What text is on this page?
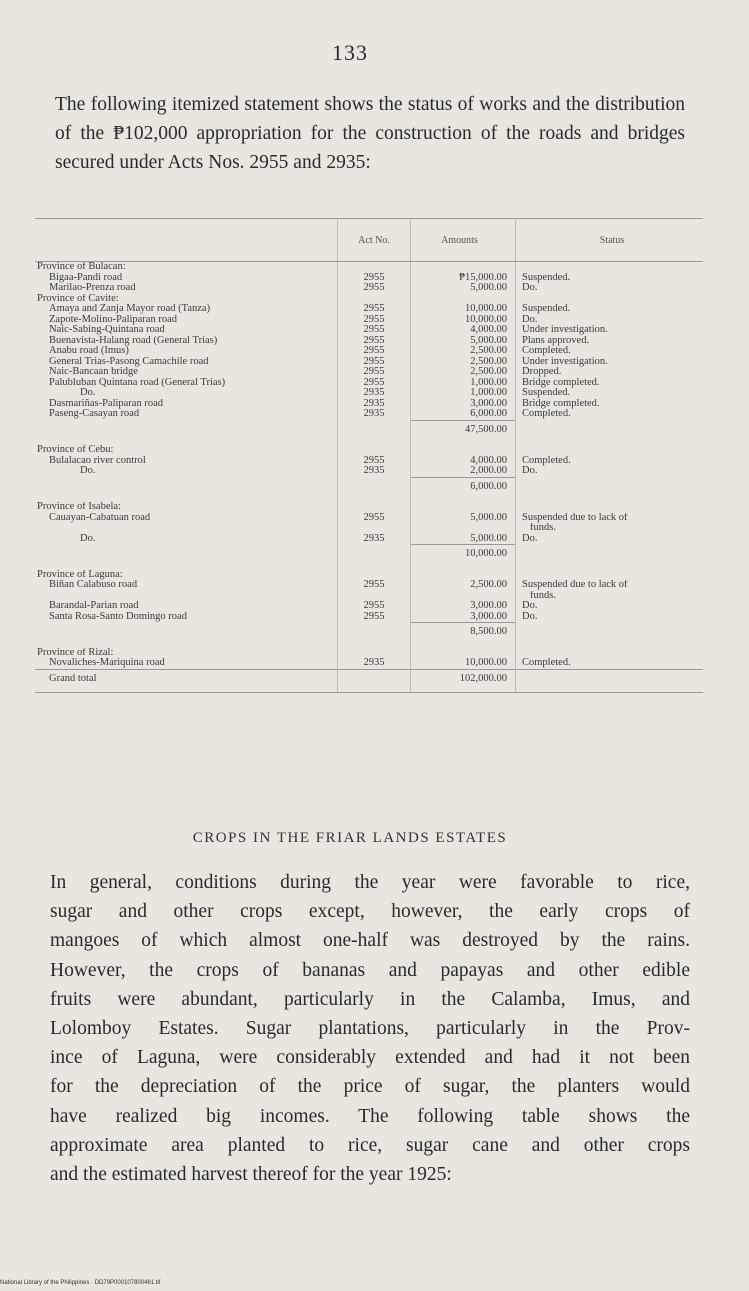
133
The following itemized statement shows the status of works and the distribution of the ₱102,000 appropriation for the construction of the roads and bridges secured under Acts Nos. 2955 and 2935:
	Act No.	Amounts	Status
Province of Bulacan:			
Bigaa-Pandi road	2955	₱15,000.00	Suspended.
Marilao-Prenza road	2955	5,000.00	Do.
Province of Cavite:			
Amaya and Zanja Mayor road (Tanza)	2955	10,000.00	Suspended.
Zapote-Molino-Paliparan road	2955	10,000.00	Do.
Naic-Sabing-Quintana road	2955	4,000.00	Under investigation.
Buenavista-Halang road (General Trias)	2955	5,000.00	Plans approved.
Anabu road (Imus)	2955	2,500.00	Completed.
General Trias-Pasong Camachile road	2955	2,500.00	Under investigation.
Naic-Bancaan bridge	2955	2,500.00	Dropped.
Palubluban Quintana road (General Trias)	2955	1,000.00	Bridge completed.
Do.	2935	1,000.00	Suspended.
Dasmariñas-Paliparan road	2935	3,000.00	Bridge completed.
Paseng-Casayan road	2935	6,000.00	Completed.
		47,500.00	
Province of Cebu:			
Bulalacao river control	2955	4,000.00	Completed.
Do.	2935	2,000.00	Do.
		6,000.00	
Province of Isabela:			
Cauayan-Cabatuan road	2955	5,000.00	Suspended due to lack of
			funds.
Do.	2935	5,000.00	Do.
		10,000.00	
Province of Laguna:			
Biñan Calabuso road	2955	2,500.00	Suspended due to lack of
			funds.
Barandal-Parian road	2955	3,000.00	Do.
Santa Rosa-Santo Domingo road	2955	3,000.00	Do.
		8,500.00	
Province of Rizal:			
Novaliches-Mariquina road	2935	10,000.00	Completed.
Grand total		102,000.00	
CROPS IN THE FRIAR LANDS ESTATES
In general, conditions during the year were favorable to rice,
sugar and other crops except, however, the early crops of
mangoes of which almost one-half was destroyed by the rains.
However, the crops of bananas and papayas and other edible
fruits were abundant, particularly in the Calamba, Imus, and
Lolomboy Estates. Sugar plantations, particularly in the Prov-
ince of Laguna, were considerably extended and had it not been
for the depreciation of the price of sugar, the planters would
have realized big incomes. The following table shows the
approximate area planted to rice, sugar cane and other crops
and the estimated harvest thereof for the year 1925:
National Library of the Philippines · DD79P000107800461.tif
